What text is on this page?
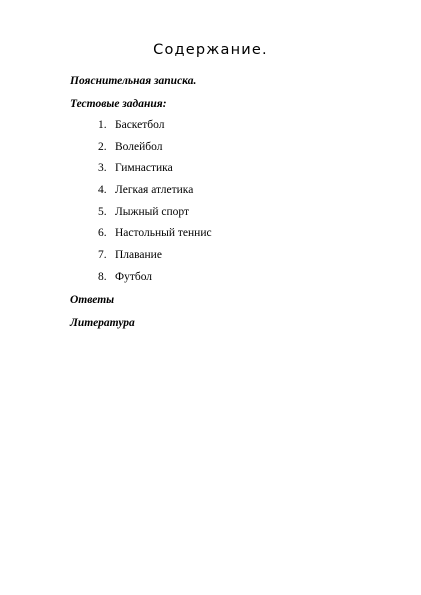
Содержание.
Пояснительная записка.
Тестовые задания:
1. Баскетбол
2. Волейбол
3. Гимнастика
4. Легкая атлетика
5. Лыжный спорт
6. Настольный теннис
7. Плавание
8. Футбол
Ответы
Литература
